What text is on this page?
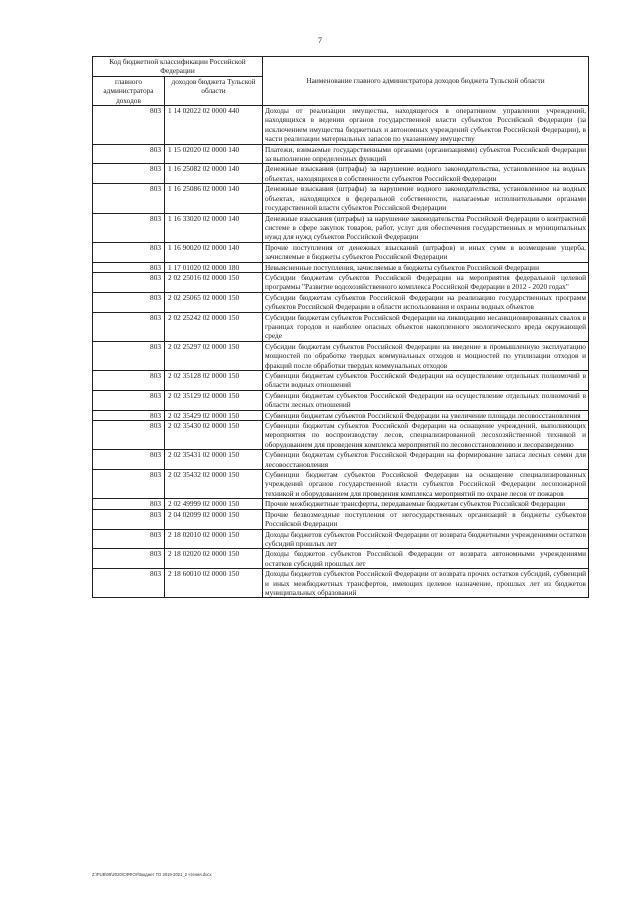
7
Код бюджетной классификации Российской Федерации		Наименование главного администратора доходов бюджета Тульской области
главного администратора доходов	доходов бюджета Тульской области	
803	1 14 02022 02 0000 440	Доходы от реализации имущества, находящегося в оперативном управлении учреждений, находящихся в ведении органов государственной власти субъектов Российской Федерации (за исключением имущества бюджетных и автономных учреждений субъектов Российской Федерации), в части реализации материальных запасов по указанному имуществу
803	1 15 02020 02 0000 140	Платежи, взимаемые государственными органами (организациями) субъектов Российской Федерации за выполнение определенных функций
803	1 16 25082 02 0000 140	Денежные взыскания (штрафы) за нарушение водного законодательства, установленное на водных объектах, находящихся в собственности субъектов Российской Федерации
803	1 16 25086 02 0000 140	Денежные взыскания (штрафы) за нарушение водного законодательства, установленное на водных объектах, находящихся в федеральной собственности, налагаемые исполнительными органами государственной власти субъектов Российской Федерации
803	1 16 33020 02 0000 140	Денежные взыскания (штрафы) за нарушение законодательства Российской Федерации о контрактной системе в сфере закупок товаров, работ, услуг для обеспечения государственных и муниципальных нужд для нужд субъектов Российской Федерации
803	1 16 90020 02 0000 140	Прочие поступления от денежных взысканий (штрафов) и иных сумм в возмещение ущерба, зачисляемые в бюджеты субъектов Российской Федерации
803	1 17 01020 02 0000 180	Невыясненные поступления, зачисляемые в бюджеты субъектов Российской Федерации
803	2 02 25016 02 0000 150	Субсидии бюджетам субъектов Российской Федерации на мероприятия федеральной целевой программы "Развитие водохозяйственного комплекса Российской Федерации в 2012 - 2020 годах"
803	2 02 25065 02 0000 150	Субсидии бюджетам субъектов Российской Федерации на реализацию государственных программ субъектов Российской Федерации в области использования и охраны водных объектов
803	2 02 25242 02 0000 150	Субсидии бюджетам субъектов Российской Федерации на ликвидацию несанкционированных свалок в границах городов и наиболее опасных объектов накопленного экологического вреда окружающей среде
803	2 02 25297 02 0000 150	Субсидии бюджетам субъектов Российской Федерации на введение в промышленную эксплуатацию мощностей по обработке твердых коммунальных отходов и мощностей по утилизации отходов и фракций после обработки твердых коммунальных отходов
803	2 02 35128 02 0000 150	Субвенции бюджетам субъектов Российской Федерации на осуществление отдельных полномочий в области водных отношений
803	2 02 35129 02 0000 150	Субвенции бюджетам субъектов Российской Федерации на осуществление отдельных полномочий в области лесных отношений
803	2 02 35429 02 0000 150	Субвенции бюджетам субъектов Российской Федерации на увеличение площади лесовосстановления
803	2 02 35430 02 0000 150	Субвенции бюджетам субъектов Российской Федерации на оснащение учреждений, выполняющих мероприятия по воспроизводству лесов, специализированной лесохозяйственной техникой и оборудованием для проведения комплекса мероприятий по лесовосстановлению и лесоразведению
803	2 02 35431 02 0000 150	Субвенции бюджетам субъектов Российской Федерации на формирование запаса лесных семян для лесовосстановления
803	2 02 35432 02 0000 150	Субвенции бюджетам субъектов Российской Федерации на оснащение специализированных учреждений органов государственной власти субъектов Российской Федерации лесопожарной техникой и оборудованием для проведения комплекса мероприятий по охране лесов от пожаров
803	2 02 49999 02 0000 150	Прочие межбюджетные трансферты, передаваемые бюджетам субъектов Российской Федерации
803	2 04 02099 02 0000 150	Прочие безвозмездные поступления от негосударственных организаций в бюджеты субъектов Российской Федерации
803	2 18 02010 02 0000 150	Доходы бюджетов субъектов Российской Федерации от возврата бюджетными учреждениями остатков субсидий прошлых лет
803	2 18 02020 02 0000 150	Доходы бюджетов субъектов Российской Федерации от возврата автономными учреждениями остатков субсидий прошлых лет
803	2 18 60010 02 0000 150	Доходы бюджетов субъектов Российской Федерации от возврата прочих остатков субсидий, субвенций и иных межбюджетных трансфертов, имеющих целевое назначение, прошлых лет из бюджетов муниципальных образований
Z:\PUB\08\2020\СФФОУ\Бюджет ТО 2019-2021_2 чтения.docx
